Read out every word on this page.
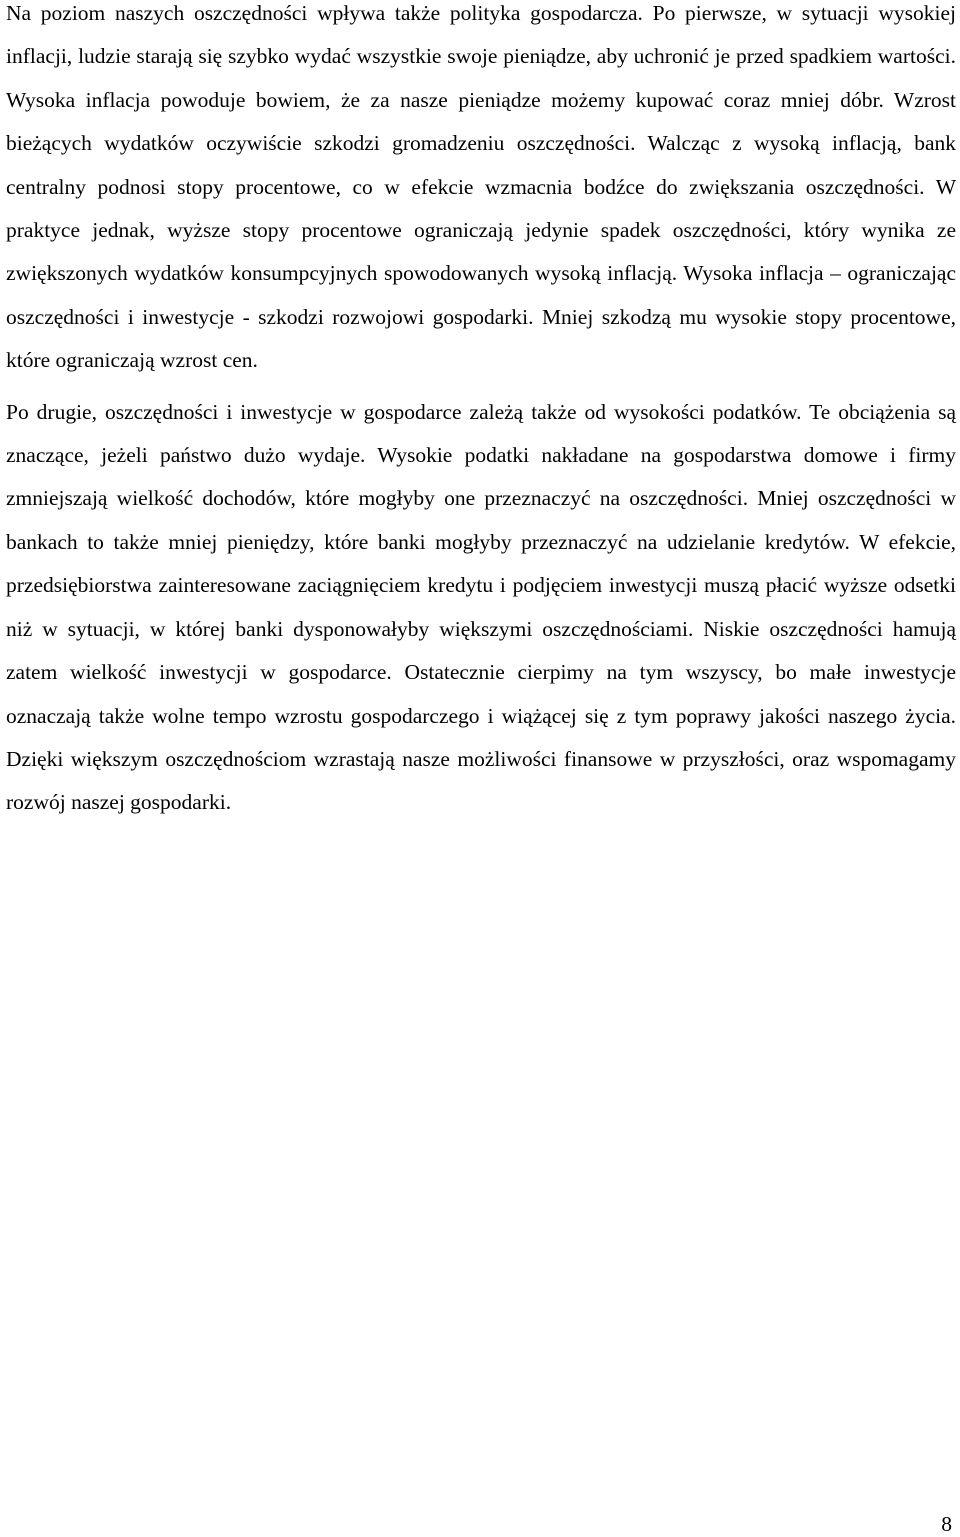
Na poziom naszych oszczędności wpływa także polityka gospodarcza. Po pierwsze, w sytuacji wysokiej inflacji, ludzie starają się szybko wydać wszystkie swoje pieniądze, aby uchronić je przed spadkiem wartości. Wysoka inflacja powoduje bowiem, że za nasze pieniądze możemy kupować coraz mniej dóbr. Wzrost bieżących wydatków oczywiście szkodzi gromadzeniu oszczędności. Walcząc z wysoką inflacją, bank centralny podnosi stopy procentowe, co w efekcie wzmacnia bodźce do zwiększania oszczędności. W praktyce jednak, wyższe stopy procentowe ograniczają jedynie spadek oszczędności, który wynika ze zwiększonych wydatków konsumpcyjnych spowodowanych wysoką inflacją. Wysoka inflacja – ograniczając oszczędności i inwestycje - szkodzi rozwojowi gospodarki. Mniej szkodzą mu wysokie stopy procentowe, które ograniczają wzrost cen.

Po drugie, oszczędności i inwestycje w gospodarce zależą także od wysokości podatków. Te obciążenia są znaczące, jeżeli państwo dużo wydaje. Wysokie podatki nakładane na gospodarstwa domowe i firmy zmniejszają wielkość dochodów, które mogłyby one przeznaczyć na oszczędności. Mniej oszczędności w bankach to także mniej pieniędzy, które banki mogłyby przeznaczyć na udzielanie kredytów. W efekcie, przedsiębiorstwa zainteresowane zaciągnięciem kredytu i podjęciem inwestycji muszą płacić wyższe odsetki niż w sytuacji, w której banki dysponowałyby większymi oszczędnościami. Niskie oszczędności hamują zatem wielkość inwestycji w gospodarce. Ostatecznie cierpimy na tym wszyscy, bo małe inwestycje oznaczają także wolne tempo wzrostu gospodarczego i wiążącej się z tym poprawy jakości naszego życia. Dzięki większym oszczędnościom wzrastają nasze możliwości finansowe w przyszłości, oraz wspomagamy rozwój naszej gospodarki.

8
